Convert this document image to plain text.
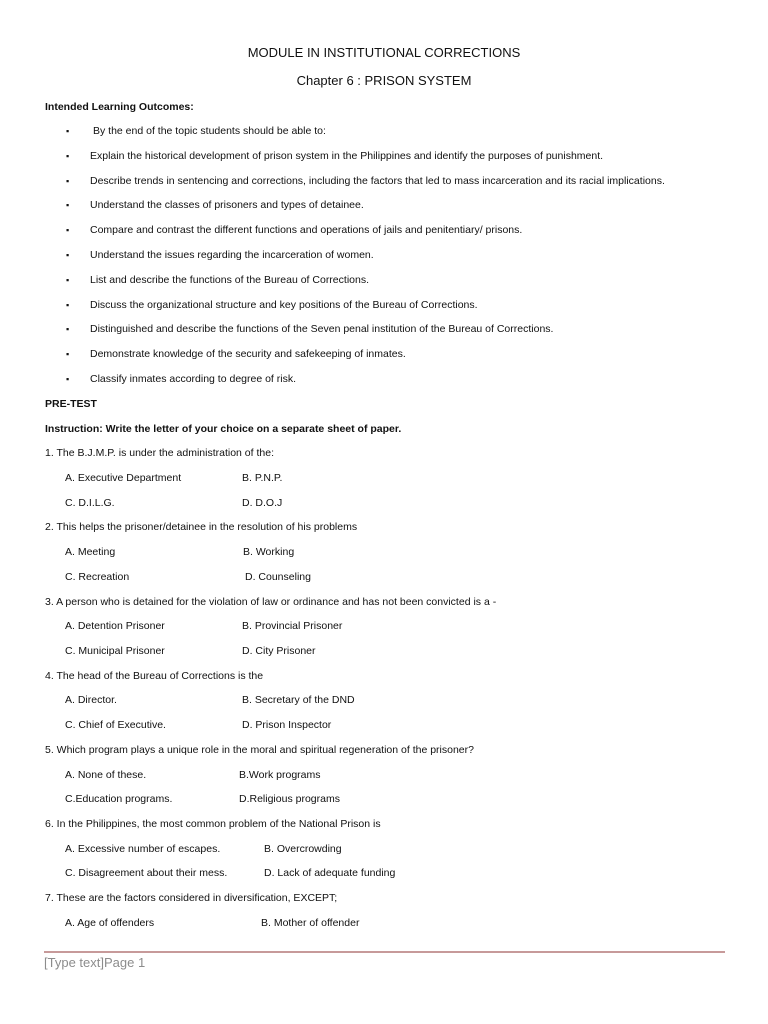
MODULE IN INSTITUTIONAL CORRECTIONS
Chapter 6 : PRISON SYSTEM
Intended Learning Outcomes:
▪ By the end of the topic students should be able to:
▪ Explain the historical development of prison system in the Philippines and identify the purposes of punishment.
▪ Describe trends in sentencing and corrections, including the factors that led to mass incarceration and its racial implications.
▪ Understand the classes of prisoners and types of detainee.
▪ Compare and contrast the different functions and operations of jails and penitentiary/ prisons.
▪ Understand the issues regarding the incarceration of women.
▪ List and describe the functions of the Bureau of Corrections.
▪ Discuss the organizational structure and key positions of the Bureau of Corrections.
▪ Distinguished and describe the functions of the Seven penal institution of the Bureau of Corrections.
▪ Demonstrate knowledge of the security and safekeeping of inmates.
▪ Classify inmates according to degree of risk.
PRE-TEST
Instruction: Write the letter of your choice on a separate sheet of paper.
1. The B.J.M.P. is under the administration of the:
A. Executive Department	B. P.N.P.
C. D.I.L.G.	D. D.O.J
2. This helps the prisoner/detainee in the resolution of his problems
A. Meeting	B. Working
C. Recreation	D. Counseling
3. A person who is detained for the violation of law or ordinance and has not been convicted is a -
A. Detention Prisoner	B. Provincial Prisoner
C. Municipal Prisoner	D. City Prisoner
4. The head of the Bureau of Corrections is the
A. Director.	B. Secretary of the DND
C. Chief of Executive.	D. Prison Inspector
5. Which program plays a unique role in the moral and spiritual regeneration of the prisoner?
A. None of these.	B.Work programs
C.Education programs.	D.Religious programs
6. In the Philippines, the most common problem of the National Prison is
A. Excessive number of escapes.	B. Overcrowding
C. Disagreement about their mess.	D. Lack of adequate funding
7. These are the factors considered in diversification, EXCEPT;
A. Age of offenders	B. Mother of offender
[Type text]Page 1
